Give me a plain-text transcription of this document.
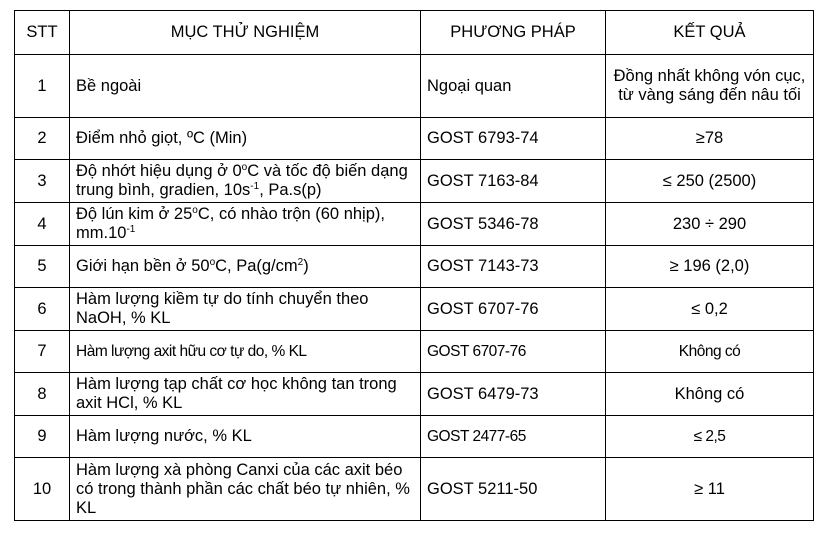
STT	MỤC THỬ NGHIỆM	PHƯƠNG PHÁP	KẾT QUẢ
1	Bề ngoài	Ngoại quan	Đồng nhất không vón cục, từ vàng sáng đến nâu tối
2	Điểm nhỏ giọt, ºC (Min)	GOST 6793-74	≥78
3	Độ nhớt hiệu dụng ở 0$^o$C và tốc độ biến dạng trung bình, gradien, $10s^{-1}$, Pa.s(p)	GOST 7163-84	≤ 250 (2500)
4	Độ lún kim ở 25$^o$C, có nhào trộn (60 nhịp), $mm.10^{-1}$	GOST 5346-78	230 ÷ 290
5	Giới hạn bền ở 50$^o$C, $Pa(g/cm^2)$	GOST 7143-73	≥ 196 (2,0)
6	Hàm lượng kiềm tự do tính chuyển theo NaOH, % KL	GOST 6707-76	≤ 0,2
7	Hàm lượng axit hữu cơ tự do, % KL	GOST 6707-76	Không có
8	Hàm lượng tạp chất cơ học không tan trong axit HCl, % KL	GOST 6479-73	Không có
9	Hàm lượng nước, % KL	GOST 2477-65	≤ 2,5
10	Hàm lượng xà phòng Canxi của các axit béo có trong thành phần các chất béo tự nhiên, % KL	GOST 5211-50	≥ 11
